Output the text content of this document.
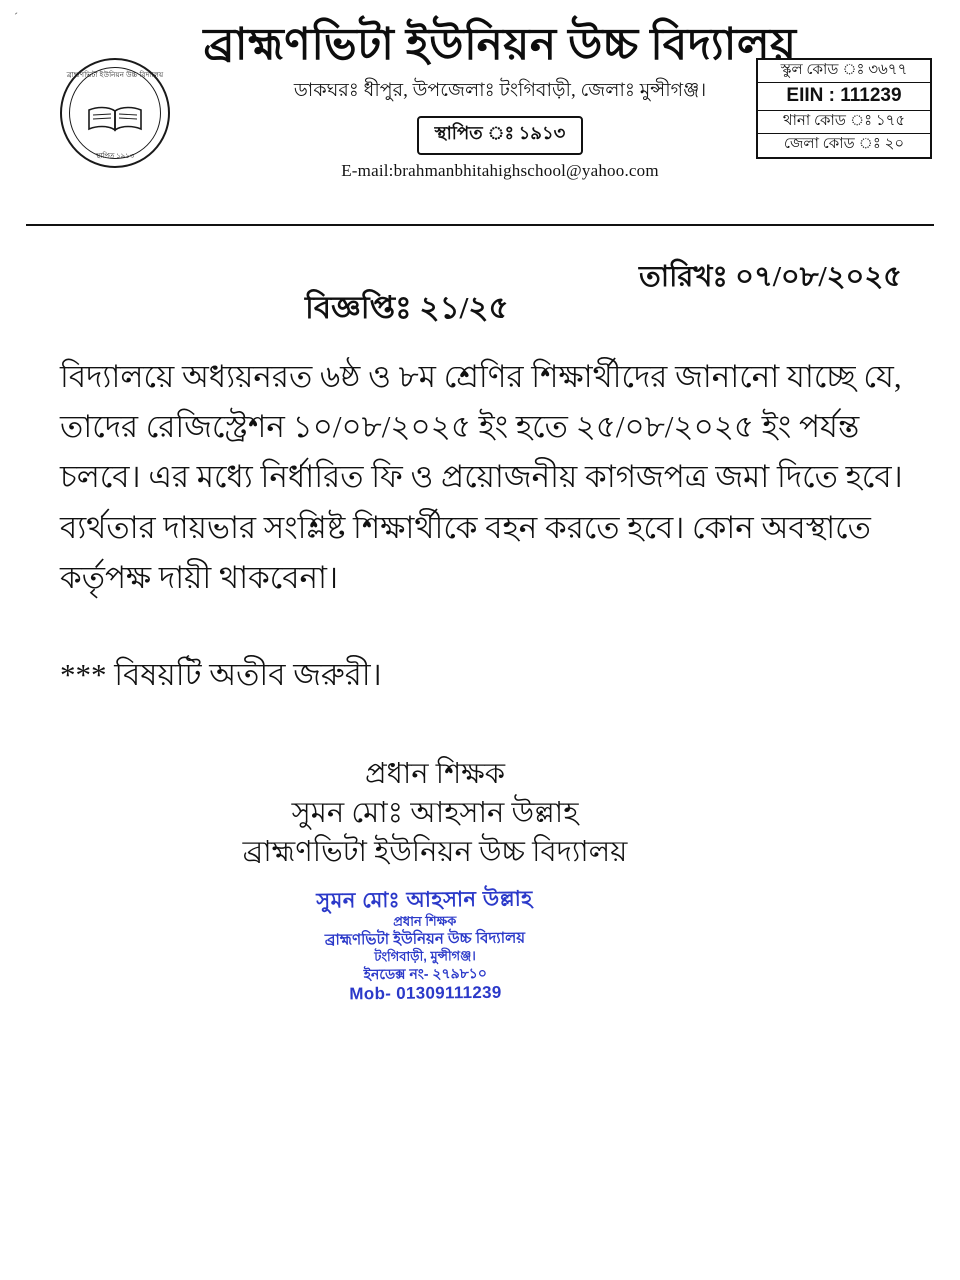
´
ব্রাহ্মণভিটা ইউনিয়ন উচ্চ বিদ্যালয়
স্থাপিত ১৯১৩
ব্রাহ্মণভিটা ইউনিয়ন উচ্চ বিদ্যালয়

ডাকঘরঃ ধীপুর, উপজেলাঃ টংগিবাড়ী, জেলাঃ মুন্সীগঞ্জ।

স্থাপিত ঃ ১৯১৩

E-mail:brahmanbhitahighschool@yahoo.com

স্কুল কোড ঃ ৩৬৭৭
EIIN : 111239
থানা কোড ঃ ১৭৫
জেলা কোড ঃ ২০
তারিখঃ ০৭/০৮/২০২৫
বিজ্ঞপ্তিঃ ২১/২৫
বিদ্যালয়ে অধ্যয়নরত ৬ষ্ঠ ও ৮ম শ্রেণির শিক্ষার্থীদের জানানো যাচ্ছে যে, তাদের রেজিস্ট্রেশন ১০/০৮/২০২৫ ইং হতে ২৫/০৮/২০২৫ ইং পর্যন্ত চলবে। এর মধ্যে নির্ধারিত ফি ও প্রয়োজনীয় কাগজপত্র জমা দিতে হবে। ব্যর্থতার দায়ভার সংশ্লিষ্ট শিক্ষার্থীকে বহন করতে হবে। কোন অবস্থাতে কর্তৃপক্ষ দায়ী থাকবেনা।
*** বিষয়টি অতীব জরুরী।
প্রধান শিক্ষক
সুমন মোঃ আহসান উল্লাহ
ব্রাহ্মণভিটা ইউনিয়ন উচ্চ বিদ্যালয়
সুমন মোঃ আহসান উল্লাহ
প্রধান শিক্ষক
ব্রাহ্মণভিটা ইউনিয়ন উচ্চ বিদ্যালয়
টংগিবাড়ী, মুন্সীগঞ্জ।
ইনডেক্স নং- ২৭৯৮১০
Mob- 01309111239
